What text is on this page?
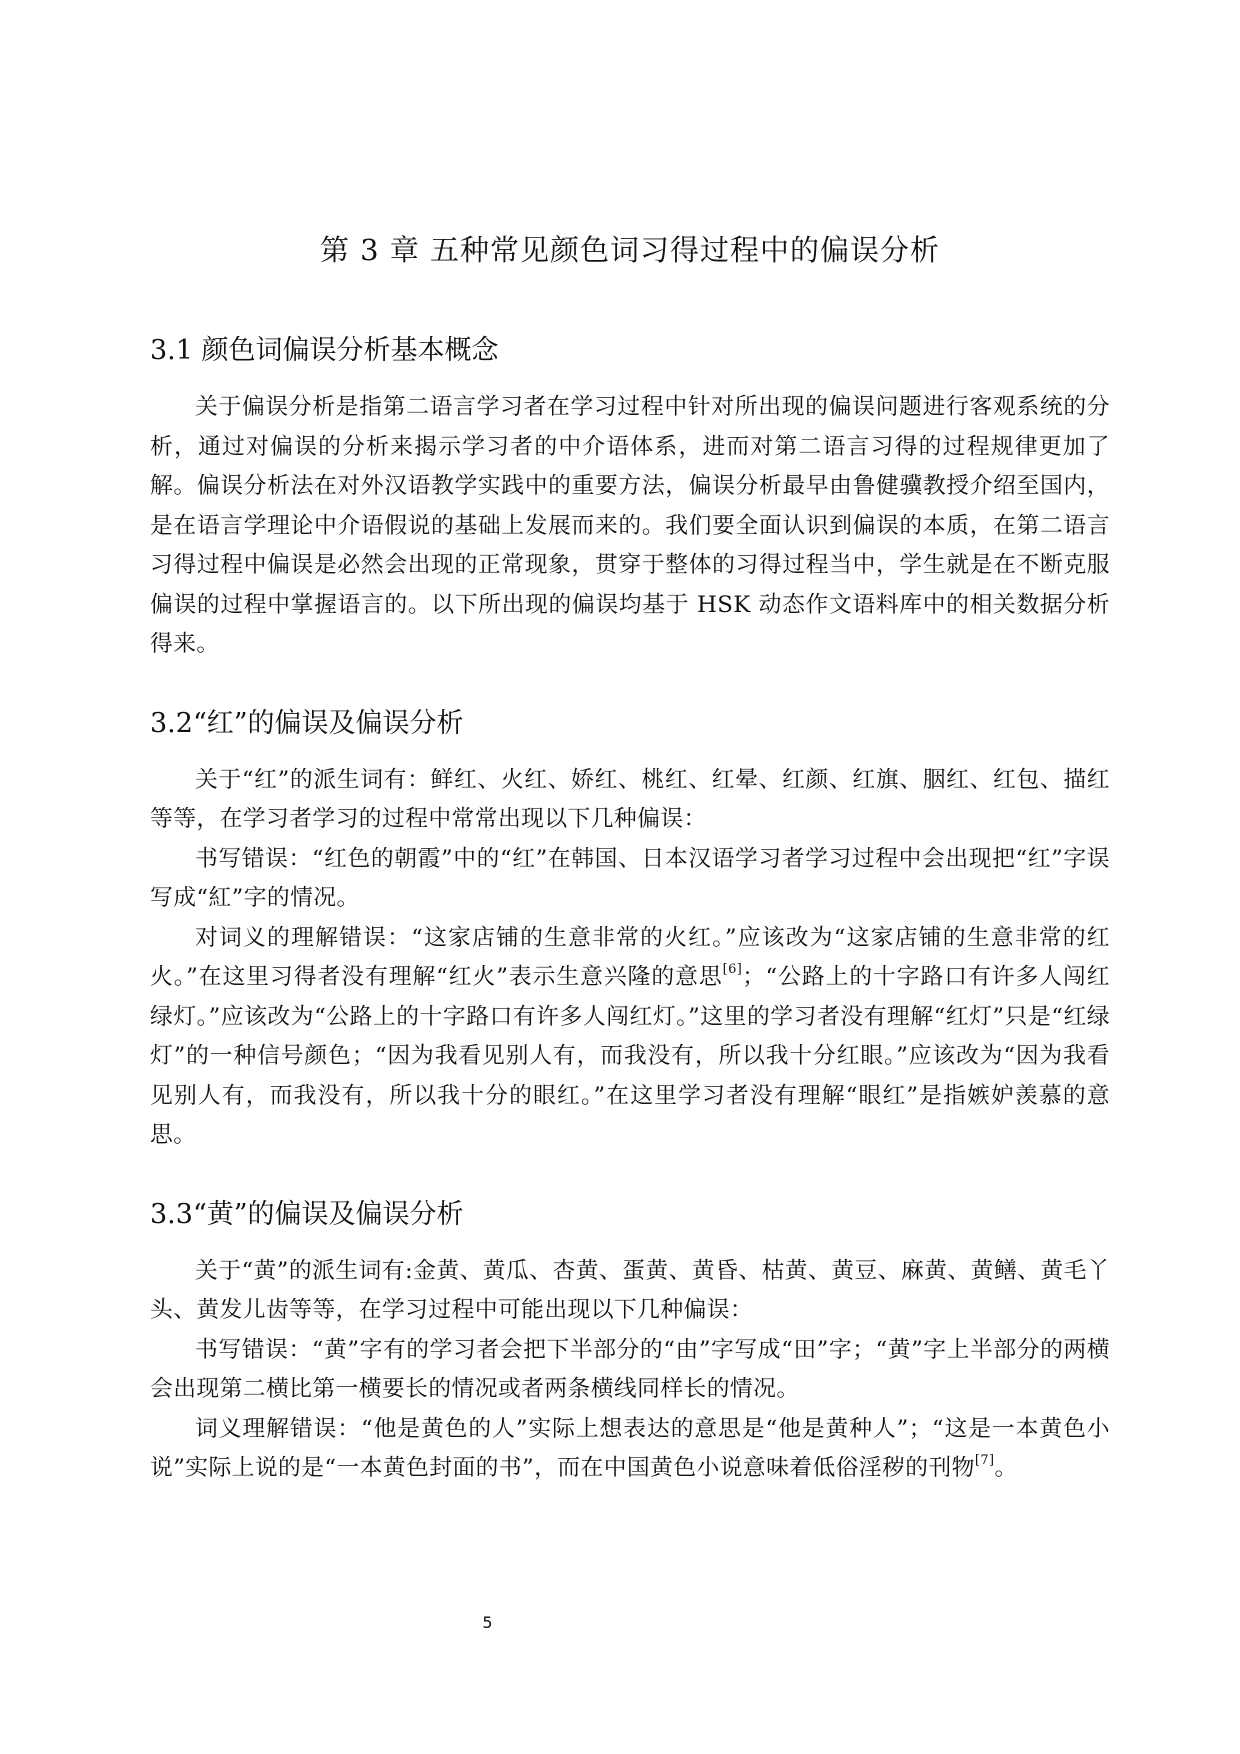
第 3 章 五种常见颜色词习得过程中的偏误分析
3.1 颜色词偏误分析基本概念

关于偏误分析是指第二语言学习者在学习过程中针对所出现的偏误问题进行客观系统的分析，通过对偏误的分析来揭示学习者的中介语体系，进而对第二语言习得的过程规律更加了解。偏误分析法在对外汉语教学实践中的重要方法，偏误分析最早由鲁健骥教授介绍至国内，是在语言学理论中介语假说的基础上发展而来的。我们要全面认识到偏误的本质，在第二语言习得过程中偏误是必然会出现的正常现象，贯穿于整体的习得过程当中，学生就是在不断克服偏误的过程中掌握语言的。以下所出现的偏误均基于 HSK 动态作文语料库中的相关数据分析得来。

3.2“红”的偏误及偏误分析

关于“红”的派生词有：鲜红、火红、娇红、桃红、红晕、红颜、红旗、胭红、红包、描红等等，在学习者学习的过程中常常出现以下几种偏误：

书写错误：“红色的朝霞”中的“红”在韩国、日本汉语学习者学习过程中会出现把“红”字误写成“紅”字的情况。

对词义的理解错误：“这家店铺的生意非常的火红。”应该改为“这家店铺的生意非常的红火。”在这里习得者没有理解“红火”表示生意兴隆的意思[6]；“公路上的十字路口有许多人闯红绿灯。”应该改为“公路上的十字路口有许多人闯红灯。”这里的学习者没有理解“红灯”只是“红绿灯”的一种信号颜色；“因为我看见别人有，而我没有，所以我十分红眼。”应该改为“因为我看见别人有，而我没有，所以我十分的眼红。”在这里学习者没有理解“眼红”是指嫉妒羡慕的意思。

3.3“黄”的偏误及偏误分析

关于“黄”的派生词有:金黄、黄瓜、杏黄、蛋黄、黄昏、枯黄、黄豆、麻黄、黄鳝、黄毛丫头、黄发儿齿等等，在学习过程中可能出现以下几种偏误：

书写错误：“黄”字有的学习者会把下半部分的“由”字写成“田”字；“黄”字上半部分的两横会出现第二横比第一横要长的情况或者两条横线同样长的情况。

词义理解错误：“他是黄色的人”实际上想表达的意思是“他是黄种人”；“这是一本黄色小说”实际上说的是“一本黄色封面的书”，而在中国黄色小说意味着低俗淫秽的刊物[7]。

5
